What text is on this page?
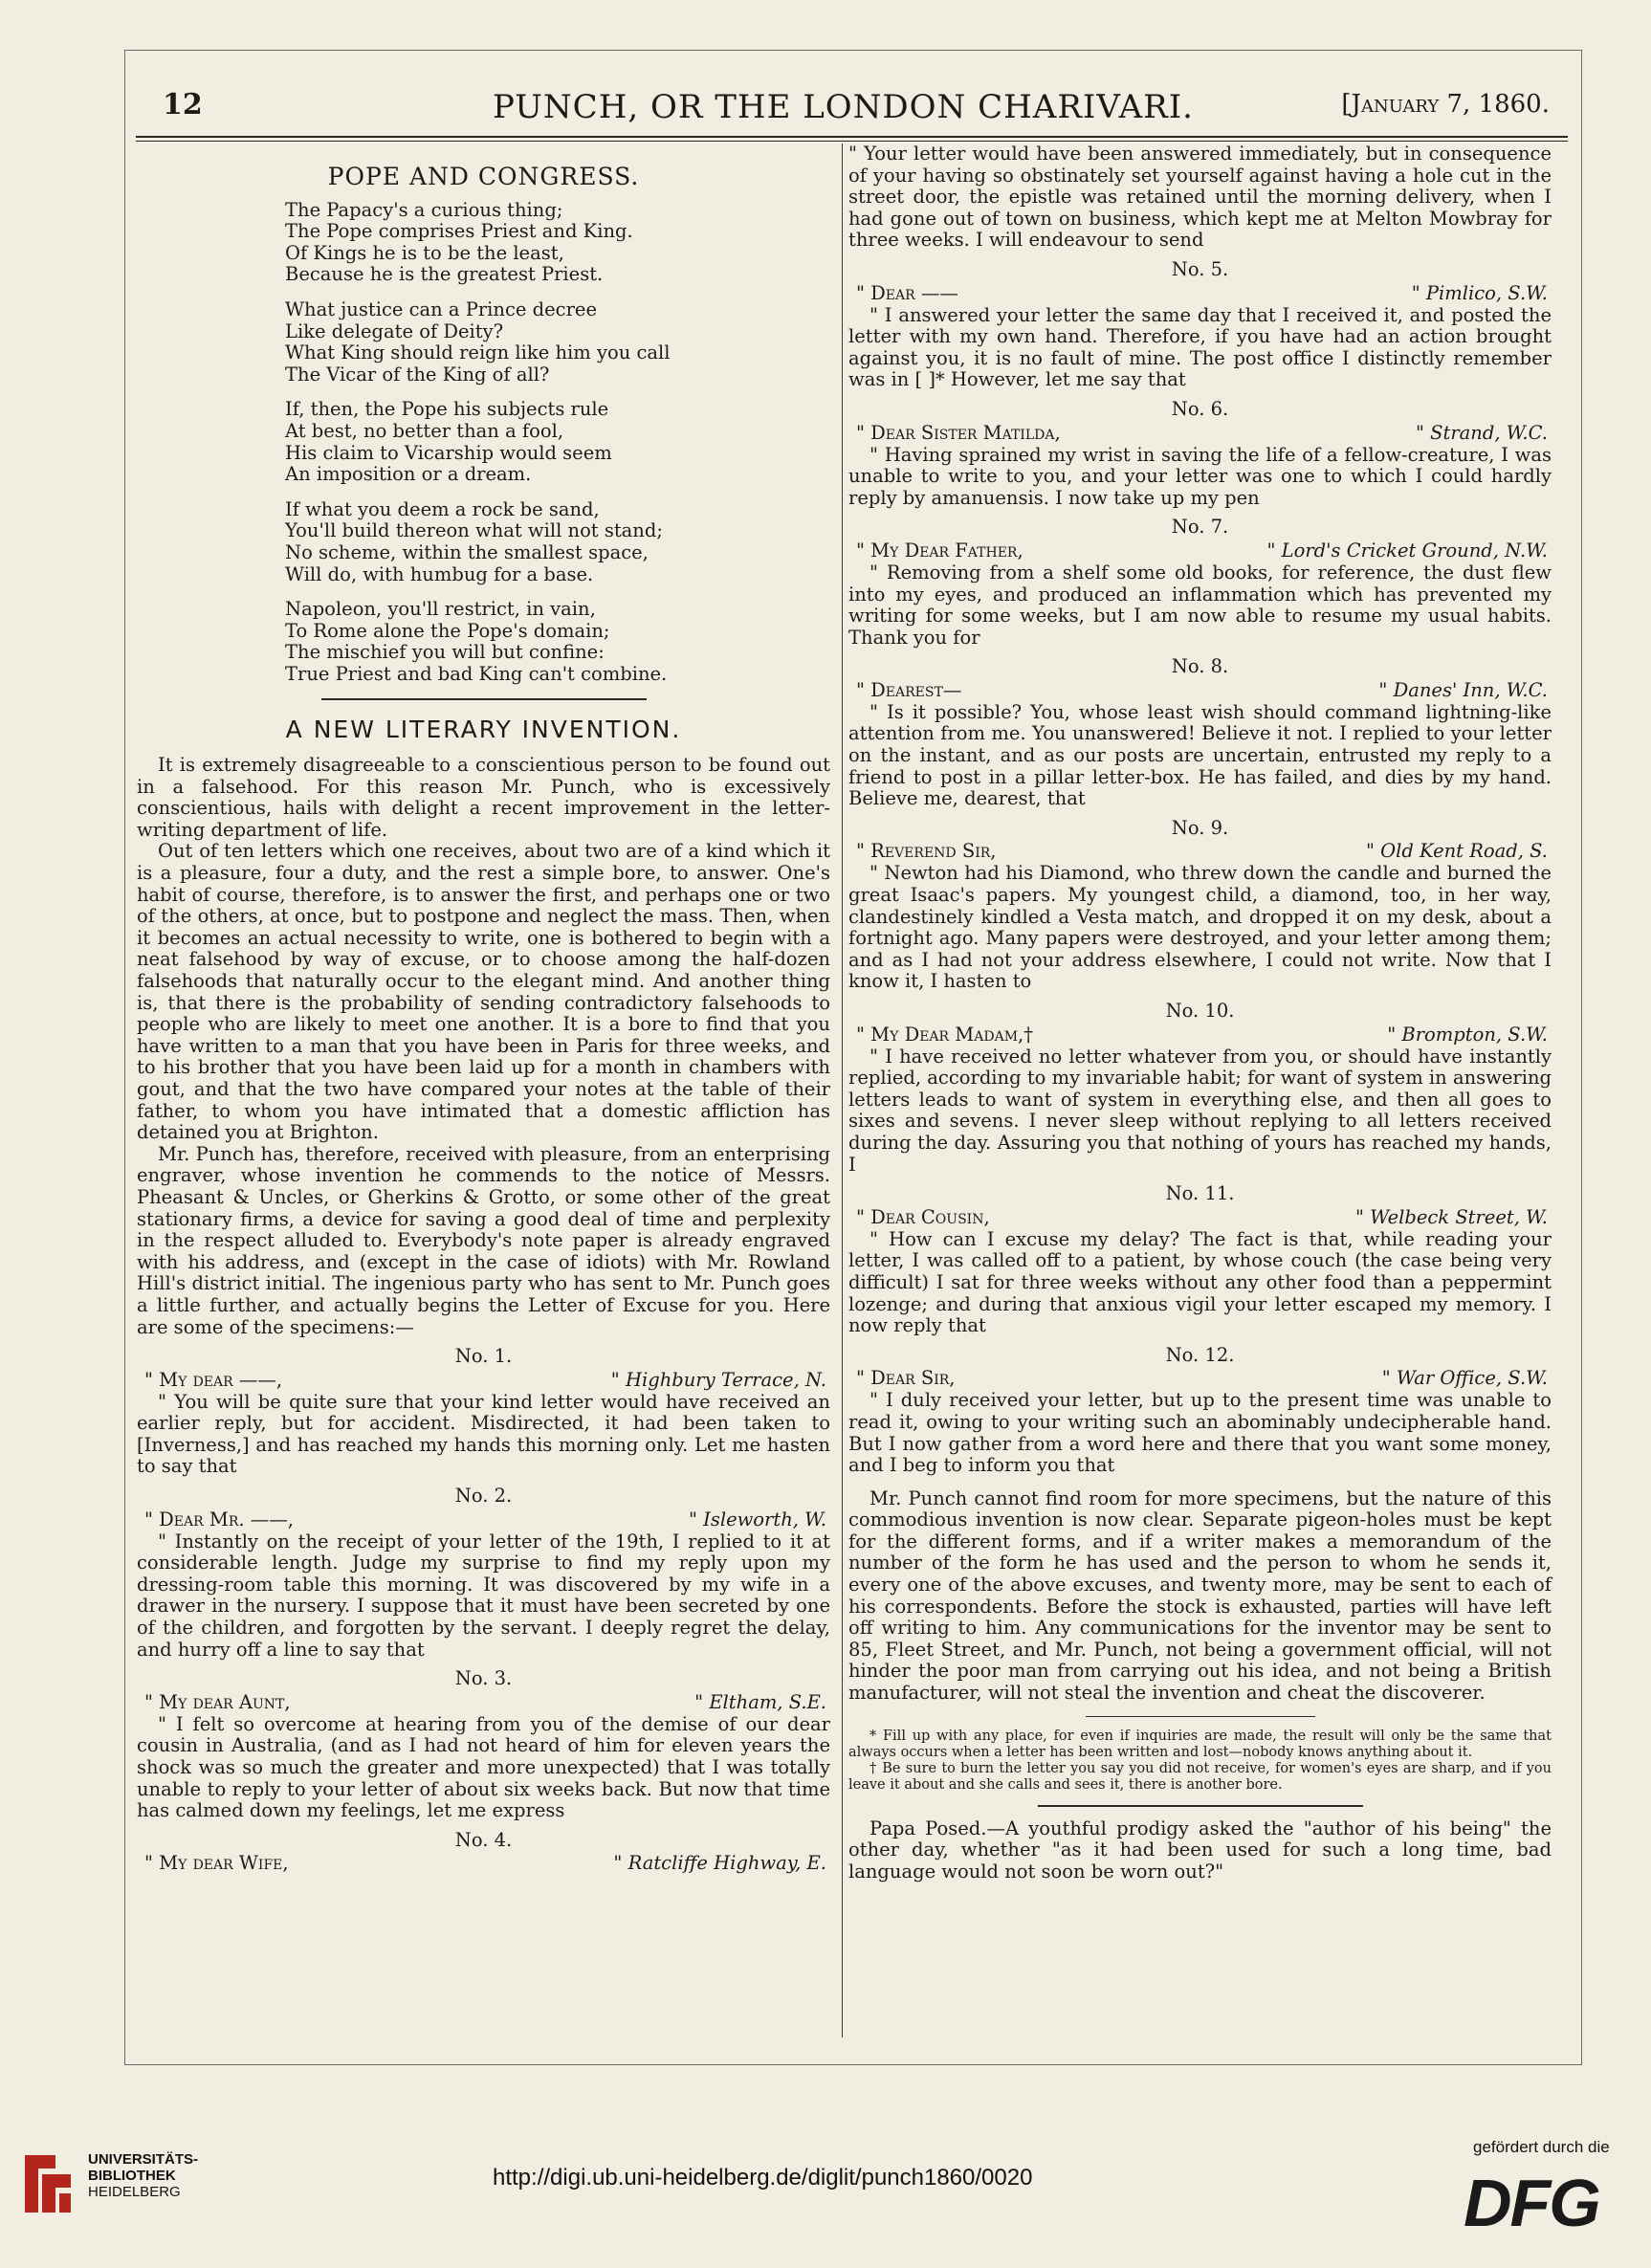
12	PUNCH, OR THE LONDON CHARIVARI.	[January 7, 1860.
POPE AND CONGRESS.
The Papacy's a curious thing;
The Pope comprises Priest and King.
Of Kings he is to be the least,
Because he is the greatest Priest.
What justice can a Prince decree
Like delegate of Deity?
What King should reign like him you call
The Vicar of the King of all?
If, then, the Pope his subjects rule
At best, no better than a fool,
His claim to Vicarship would seem
An imposition or a dream.
If what you deem a rock be sand,
You'll build thereon what will not stand;
No scheme, within the smallest space,
Will do, with humbug for a base.
Napoleon, you'll restrict, in vain,
To Rome alone the Pope's domain;
The mischief you will but confine:
True Priest and bad King can't combine.
A NEW LITERARY INVENTION.

It is extremely disagreeable to a conscientious person to be found out in a falsehood. For this reason Mr. Punch, who is excessively conscientious, hails with delight a recent improvement in the letter-writing department of life.

Out of ten letters which one receives, about two are of a kind which it is a pleasure, four a duty, and the rest a simple bore, to answer. One's habit of course, therefore, is to answer the first, and perhaps one or two of the others, at once, but to postpone and neglect the mass. Then, when it becomes an actual necessity to write, one is bothered to begin with a neat falsehood by way of excuse, or to choose among the half-dozen falsehoods that naturally occur to the elegant mind. And another thing is, that there is the probability of sending contradictory falsehoods to people who are likely to meet one another. It is a bore to find that you have written to a man that you have been in Paris for three weeks, and to his brother that you have been laid up for a month in chambers with gout, and that the two have compared your notes at the table of their father, to whom you have intimated that a domestic affliction has detained you at Brighton.

Mr. Punch has, therefore, received with pleasure, from an enterprising engraver, whose invention he commends to the notice of Messrs. Pheasant & Uncles, or Gherkins & Grotto, or some other of the great stationary firms, a device for saving a good deal of time and perplexity in the respect alluded to. Everybody's note paper is already engraved with his address, and (except in the case of idiots) with Mr. Rowland Hill's district initial. The ingenious party who has sent to Mr. Punch goes a little further, and actually begins the Letter of Excuse for you. Here are some of the specimens:—

No. 1.
" My dear ——,	" Highbury Terrace, N.

" You will be quite sure that your kind letter would have received an earlier reply, but for accident. Misdirected, it had been taken to [Inverness,] and has reached my hands this morning only. Let me hasten to say that

No. 2.
" Dear Mr. ——,	" Isleworth, W.

" Instantly on the receipt of your letter of the 19th, I replied to it at considerable length. Judge my surprise to find my reply upon my dressing-room table this morning. It was discovered by my wife in a drawer in the nursery. I suppose that it must have been secreted by one of the children, and forgotten by the servant. I deeply regret the delay, and hurry off a line to say that

No. 3.
" My dear Aunt,	" Eltham, S.E.

" I felt so overcome at hearing from you of the demise of our dear cousin in Australia, (and as I had not heard of him for eleven years the shock was so much the greater and more unexpected) that I was totally unable to reply to your letter of about six weeks back. But now that time has calmed down my feelings, let me express

No. 4.
" My dear Wife,	" Ratcliffe Highway, E.

" Your letter would have been answered immediately, but in consequence of your having so obstinately set yourself against having a hole cut in the street door, the epistle was retained until the morning delivery, when I had gone out of town on business, which kept me at Melton Mowbray for three weeks. I will endeavour to send

No. 5.
" Dear ——	" Pimlico, S.W.

" I answered your letter the same day that I received it, and posted the letter with my own hand. Therefore, if you have had an action brought against you, it is no fault of mine. The post office I distinctly remember was in [ ]* However, let me say that

No. 6.
" Dear Sister Matilda,	" Strand, W.C.

" Having sprained my wrist in saving the life of a fellow-creature, I was unable to write to you, and your letter was one to which I could hardly reply by amanuensis. I now take up my pen

No. 7.
" My Dear Father,	" Lord's Cricket Ground, N.W.

" Removing from a shelf some old books, for reference, the dust flew into my eyes, and produced an inflammation which has prevented my writing for some weeks, but I am now able to resume my usual habits. Thank you for

No. 8.
" Dearest—	" Danes' Inn, W.C.

" Is it possible? You, whose least wish should command lightning-like attention from me. You unanswered! Believe it not. I replied to your letter on the instant, and as our posts are uncertain, entrusted my reply to a friend to post in a pillar letter-box. He has failed, and dies by my hand. Believe me, dearest, that

No. 9.
" Reverend Sir,	" Old Kent Road, S.

" Newton had his Diamond, who threw down the candle and burned the great Isaac's papers. My youngest child, a diamond, too, in her way, clandestinely kindled a Vesta match, and dropped it on my desk, about a fortnight ago. Many papers were destroyed, and your letter among them; and as I had not your address elsewhere, I could not write. Now that I know it, I hasten to

No. 10.
" My Dear Madam,†	" Brompton, S.W.

" I have received no letter whatever from you, or should have instantly replied, according to my invariable habit; for want of system in answering letters leads to want of system in everything else, and then all goes to sixes and sevens. I never sleep without replying to all letters received during the day. Assuring you that nothing of yours has reached my hands, I

No. 11.
" Dear Cousin,	" Welbeck Street, W.

" How can I excuse my delay? The fact is that, while reading your letter, I was called off to a patient, by whose couch (the case being very difficult) I sat for three weeks without any other food than a peppermint lozenge; and during that anxious vigil your letter escaped my memory. I now reply that

No. 12.
" Dear Sir,	" War Office, S.W.

" I duly received your letter, but up to the present time was unable to read it, owing to your writing such an abominably undecipherable hand. But I now gather from a word here and there that you want some money, and I beg to inform you that

Mr. Punch cannot find room for more specimens, but the nature of this commodious invention is now clear. Separate pigeon-holes must be kept for the different forms, and if a writer makes a memorandum of the number of the form he has used and the person to whom he sends it, every one of the above excuses, and twenty more, may be sent to each of his correspondents. Before the stock is exhausted, parties will have left off writing to him. Any communications for the inventor may be sent to 85, Fleet Street, and Mr. Punch, not being a government official, will not hinder the poor man from carrying out his idea, and not being a British manufacturer, will not steal the invention and cheat the discoverer.

* Fill up with any place, for even if inquiries are made, the result will only be the same that always occurs when a letter has been written and lost—nobody knows anything about it.

† Be sure to burn the letter you say you did not receive, for women's eyes are sharp, and if you leave it about and she calls and sees it, there is another bore.

Papa Posed.—A youthful prodigy asked the "author of his being" the other day, whether "as it had been used for such a long time, bad language would not soon be worn out?"

UNIVERSITÄTS-
BIBLIOTHEK
HEIDELBERG
http://digi.ub.uni-heidelberg.de/diglit/punch1860/0020
gefördert durch die
DFG
